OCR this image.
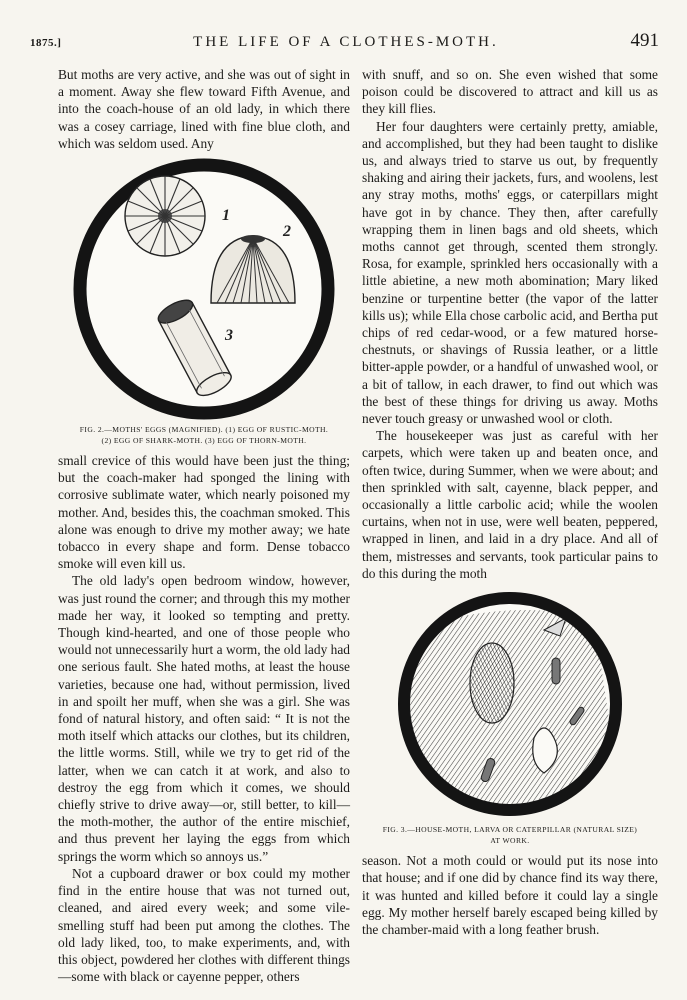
1875.]	THE LIFE OF A CLOTHES-MOTH.	491

But moths are very active, and she was out of sight in a moment. Away she flew toward Fifth Avenue, and into the coach-house of an old lady, in which there was a cosey carriage, lined with fine blue cloth, and which was seldom used. Any

1
2
3
FIG. 2.—MOTHS' EGGS (MAGNIFIED). (1) EGG OF RUSTIC-MOTH.
(2) EGG OF SHARK-MOTH. (3) EGG OF THORN-MOTH.

small crevice of this would have been just the thing; but the coach-maker had sponged the lining with corrosive sublimate water, which nearly poisoned my mother. And, besides this, the coachman smoked. This alone was enough to drive my mother away; we hate tobacco in every shape and form. Dense tobacco smoke will even kill us.

The old lady's open bedroom window, however, was just round the corner; and through this my mother made her way, it looked so tempting and pretty. Though kind-hearted, and one of those people who would not unnecessarily hurt a worm, the old lady had one serious fault. She hated moths, at least the house varieties, because one had, without permission, lived in and spoilt her muff, when she was a girl. She was fond of natural history, and often said: “ It is not the moth itself which attacks our clothes, but its children, the little worms. Still, while we try to get rid of the latter, when we can catch it at work, and also to destroy the egg from which it comes, we should chiefly strive to drive away—or, still better, to kill—the moth-mother, the author of the entire mischief, and thus prevent her laying the eggs from which springs the worm which so annoys us.”

Not a cupboard drawer or box could my mother find in the entire house that was not turned out, cleaned, and aired every week; and some vile-smelling stuff had been put among the clothes. The old lady liked, too, to make experiments, and, with this object, powdered her clothes with different things—some with black or cayenne pepper, others

with snuff, and so on. She even wished that some poison could be discovered to attract and kill us as they kill flies.

Her four daughters were certainly pretty, amiable, and accomplished, but they had been taught to dislike us, and always tried to starve us out, by frequently shaking and airing their jackets, furs, and woolens, lest any stray moths, moths' eggs, or caterpillars might have got in by chance. They then, after carefully wrapping them in linen bags and old sheets, which moths cannot get through, scented them strongly. Rosa, for example, sprinkled hers occasionally with a little abietine, a new moth abomination; Mary liked benzine or turpentine better (the vapor of the latter kills us); while Ella chose carbolic acid, and Bertha put chips of red cedar-wood, or a few matured horse-chestnuts, or shavings of Russia leather, or a little bitter-apple powder, or a handful of unwashed wool, or a bit of tallow, in each drawer, to find out which was the best of these things for driving us away. Moths never touch greasy or unwashed wool or cloth.

The housekeeper was just as careful with her carpets, which were taken up and beaten once, and often twice, during Summer, when we were about; and then sprinkled with salt, cayenne, black pepper, and occasionally a little carbolic acid; while the woolen curtains, when not in use, were well beaten, peppered, wrapped in linen, and laid in a dry place. And all of them, mistresses and servants, took particular pains to do this during the moth

FIG. 3.—HOUSE-MOTH, LARVA OR CATERPILLAR (NATURAL SIZE)
AT WORK.

season. Not a moth could or would put its nose into that house; and if one did by chance find its way there, it was hunted and killed before it could lay a single egg. My mother herself barely escaped being killed by the chamber-maid with a long feather brush.
